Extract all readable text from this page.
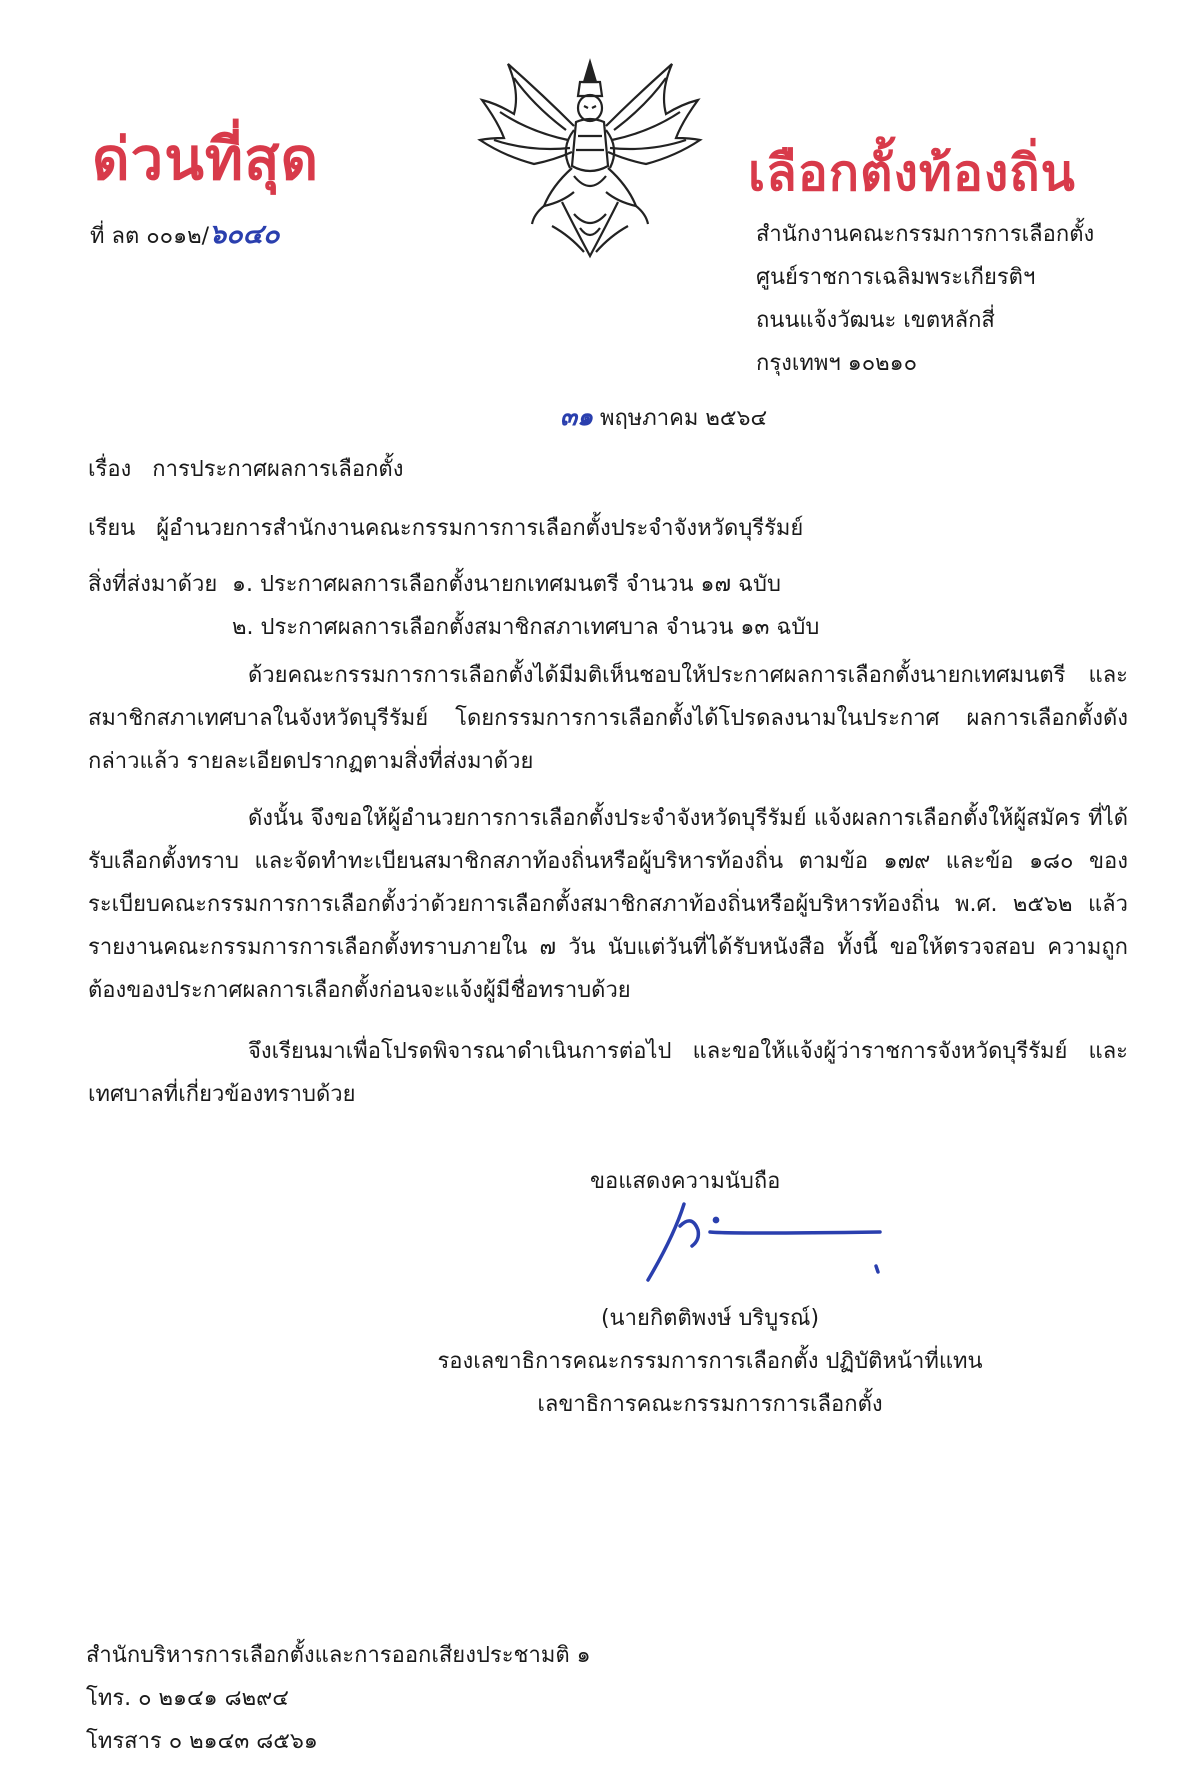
ด่วนที่สุด	เลือกตั้งท้องถิ่น
ที่ ลต ๐๐๑๒/๖๐๔๐	สำนักงานคณะกรรมการการเลือกตั้ง
ศูนย์ราชการเฉลิมพระเกียรติฯ
ถนนแจ้งวัฒนะ เขตหลักสี่
กรุงเทพฯ ๑๐๒๑๐
๓๑ พฤษภาคม ๒๕๖๔
เรื่อง การประกาศผลการเลือกตั้ง
เรียน ผู้อำนวยการสำนักงานคณะกรรมการการเลือกตั้งประจำจังหวัดบุรีรัมย์
สิ่งที่ส่งมาด้วย ๑. ประกาศผลการเลือกตั้งนายกเทศมนตรี จำนวน ๑๗ ฉบับ
๒. ประกาศผลการเลือกตั้งสมาชิกสภาเทศบาล จำนวน ๑๓ ฉบับ
ด้วยคณะกรรมการการเลือกตั้งได้มีมติเห็นชอบให้ประกาศผลการเลือกตั้งนายกเทศมนตรี และสมาชิกสภาเทศบาลในจังหวัดบุรีรัมย์ โดยกรรมการการเลือกตั้งได้โปรดลงนามในประกาศ ผลการเลือกตั้งดังกล่าวแล้ว รายละเอียดปรากฏตามสิ่งที่ส่งมาด้วย
ดังนั้น จึงขอให้ผู้อำนวยการการเลือกตั้งประจำจังหวัดบุรีรัมย์ แจ้งผลการเลือกตั้งให้ผู้สมัคร ที่ได้รับเลือกตั้งทราบ และจัดทำทะเบียนสมาชิกสภาท้องถิ่นหรือผู้บริหารท้องถิ่น ตามข้อ ๑๗๙ และข้อ ๑๘๐ ของระเบียบคณะกรรมการการเลือกตั้งว่าด้วยการเลือกตั้งสมาชิกสภาท้องถิ่นหรือผู้บริหารท้องถิ่น พ.ศ. ๒๕๖๒ แล้วรายงานคณะกรรมการการเลือกตั้งทราบภายใน ๗ วัน นับแต่วันที่ได้รับหนังสือ ทั้งนี้ ขอให้ตรวจสอบ ความถูกต้องของประกาศผลการเลือกตั้งก่อนจะแจ้งผู้มีชื่อทราบด้วย
จึงเรียนมาเพื่อโปรดพิจารณาดำเนินการต่อไป และขอให้แจ้งผู้ว่าราชการจังหวัดบุรีรัมย์ และเทศบาลที่เกี่ยวข้องทราบด้วย
ขอแสดงความนับถือ
(นายกิตติพงษ์ บริบูรณ์)
รองเลขาธิการคณะกรรมการการเลือกตั้ง ปฏิบัติหน้าที่แทน
เลขาธิการคณะกรรมการการเลือกตั้ง
สำนักบริหารการเลือกตั้งและการออกเสียงประชามติ ๑
โทร. ๐ ๒๑๔๑ ๘๒๙๔
โทรสาร ๐ ๒๑๔๓ ๘๕๖๑
